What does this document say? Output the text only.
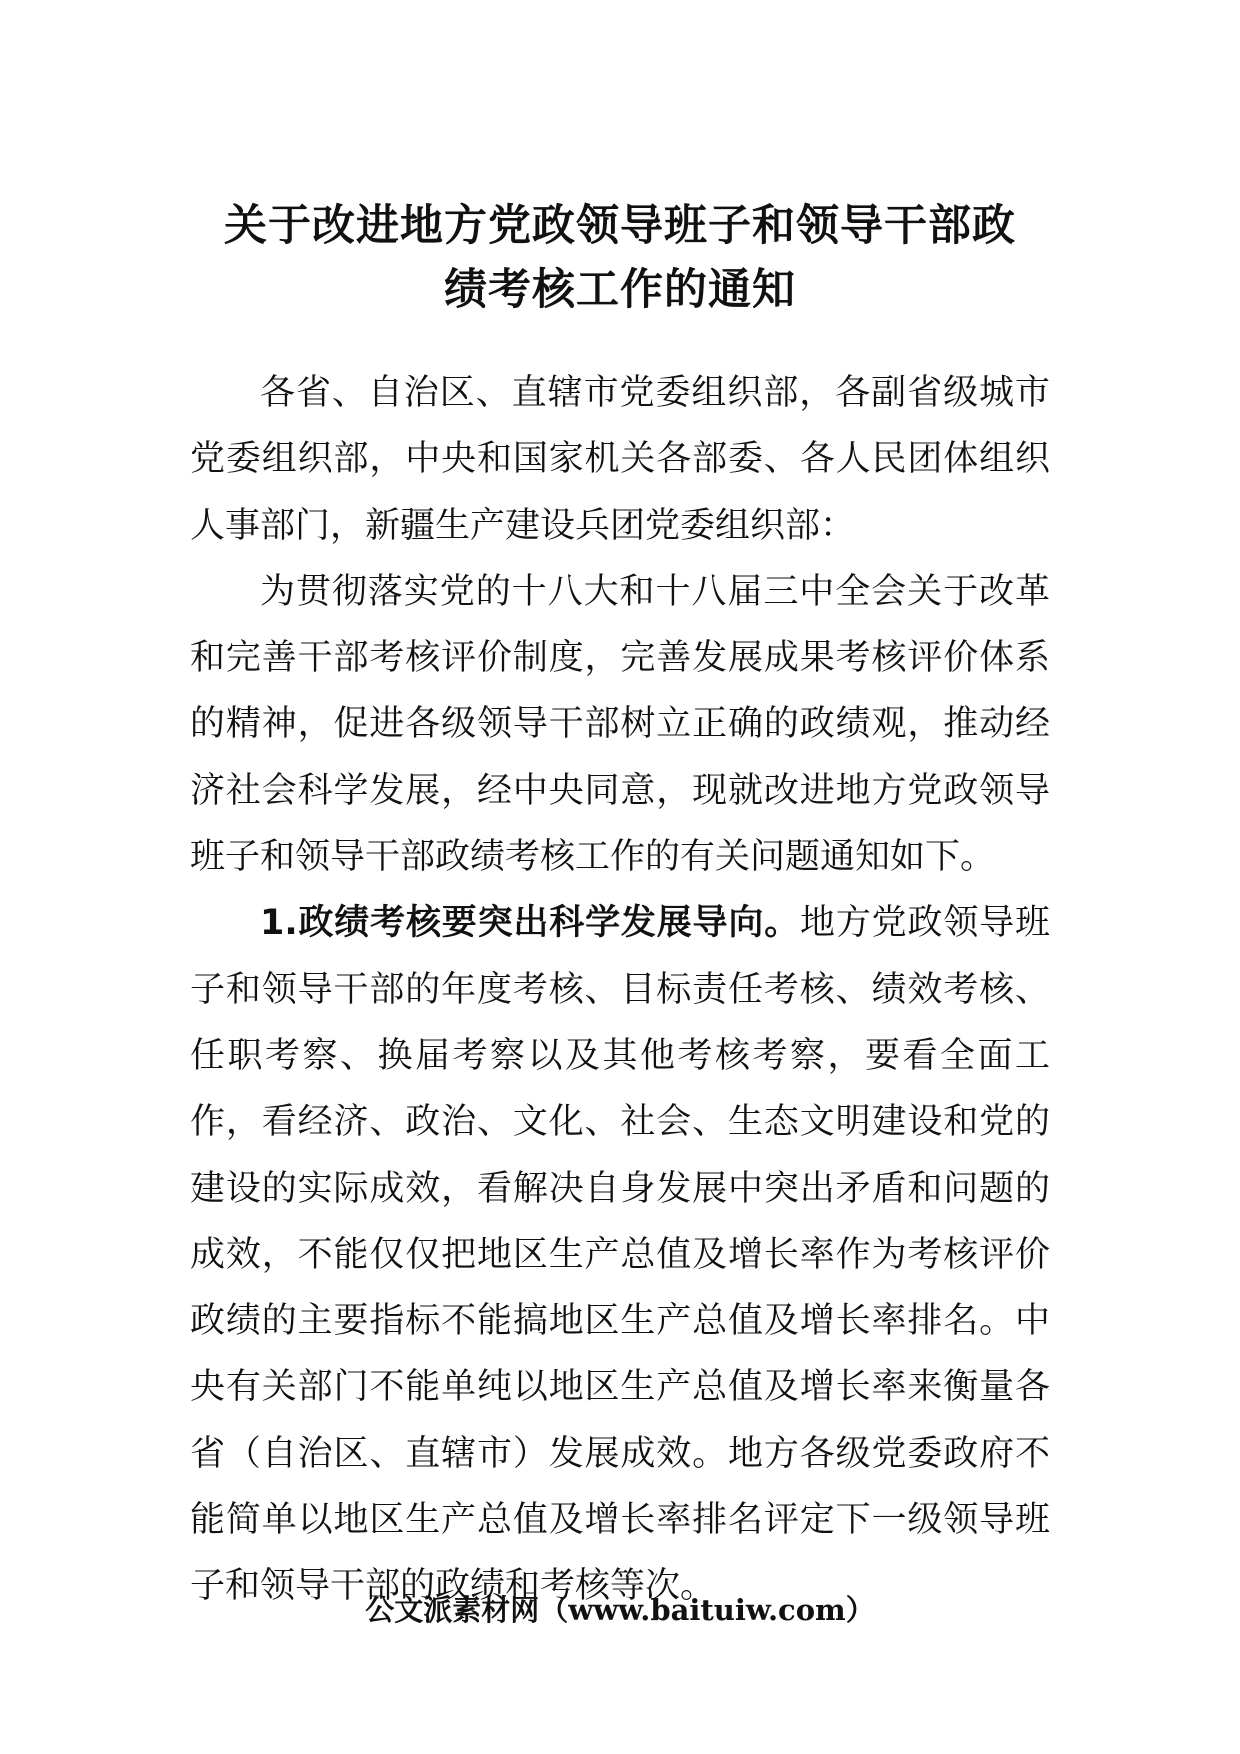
关于改进地方党政领导班子和领导干部政
绩考核工作的通知

各省、自治区、直辖市党委组织部，各副省级城市党委组织部，中央和国家机关各部委、各人民团体组织人事部门，新疆生产建设兵团党委组织部：

为贯彻落实党的十八大和十八届三中全会关于改革和完善干部考核评价制度，完善发展成果考核评价体系的精神，促进各级领导干部树立正确的政绩观，推动经济社会科学发展，经中央同意，现就改进地方党政领导班子和领导干部政绩考核工作的有关问题通知如下。

1.政绩考核要突出科学发展导向。地方党政领导班子和领导干部的年度考核、目标责任考核、绩效考核、任职考察、换届考察以及其他考核考察，要看全面工作，看经济、政治、文化、社会、生态文明建设和党的建设的实际成效，看解决自身发展中突出矛盾和问题的成效，不能仅仅把地区生产总值及增长率作为考核评价政绩的主要指标不能搞地区生产总值及增长率排名。中央有关部门不能单纯以地区生产总值及增长率来衡量各省（自治区、直辖市）发展成效。地方各级党委政府不能简单以地区生产总值及增长率排名评定下一级领导班子和领导干部的政绩和考核等次。

公文派素材网（www.baituiw.com）
